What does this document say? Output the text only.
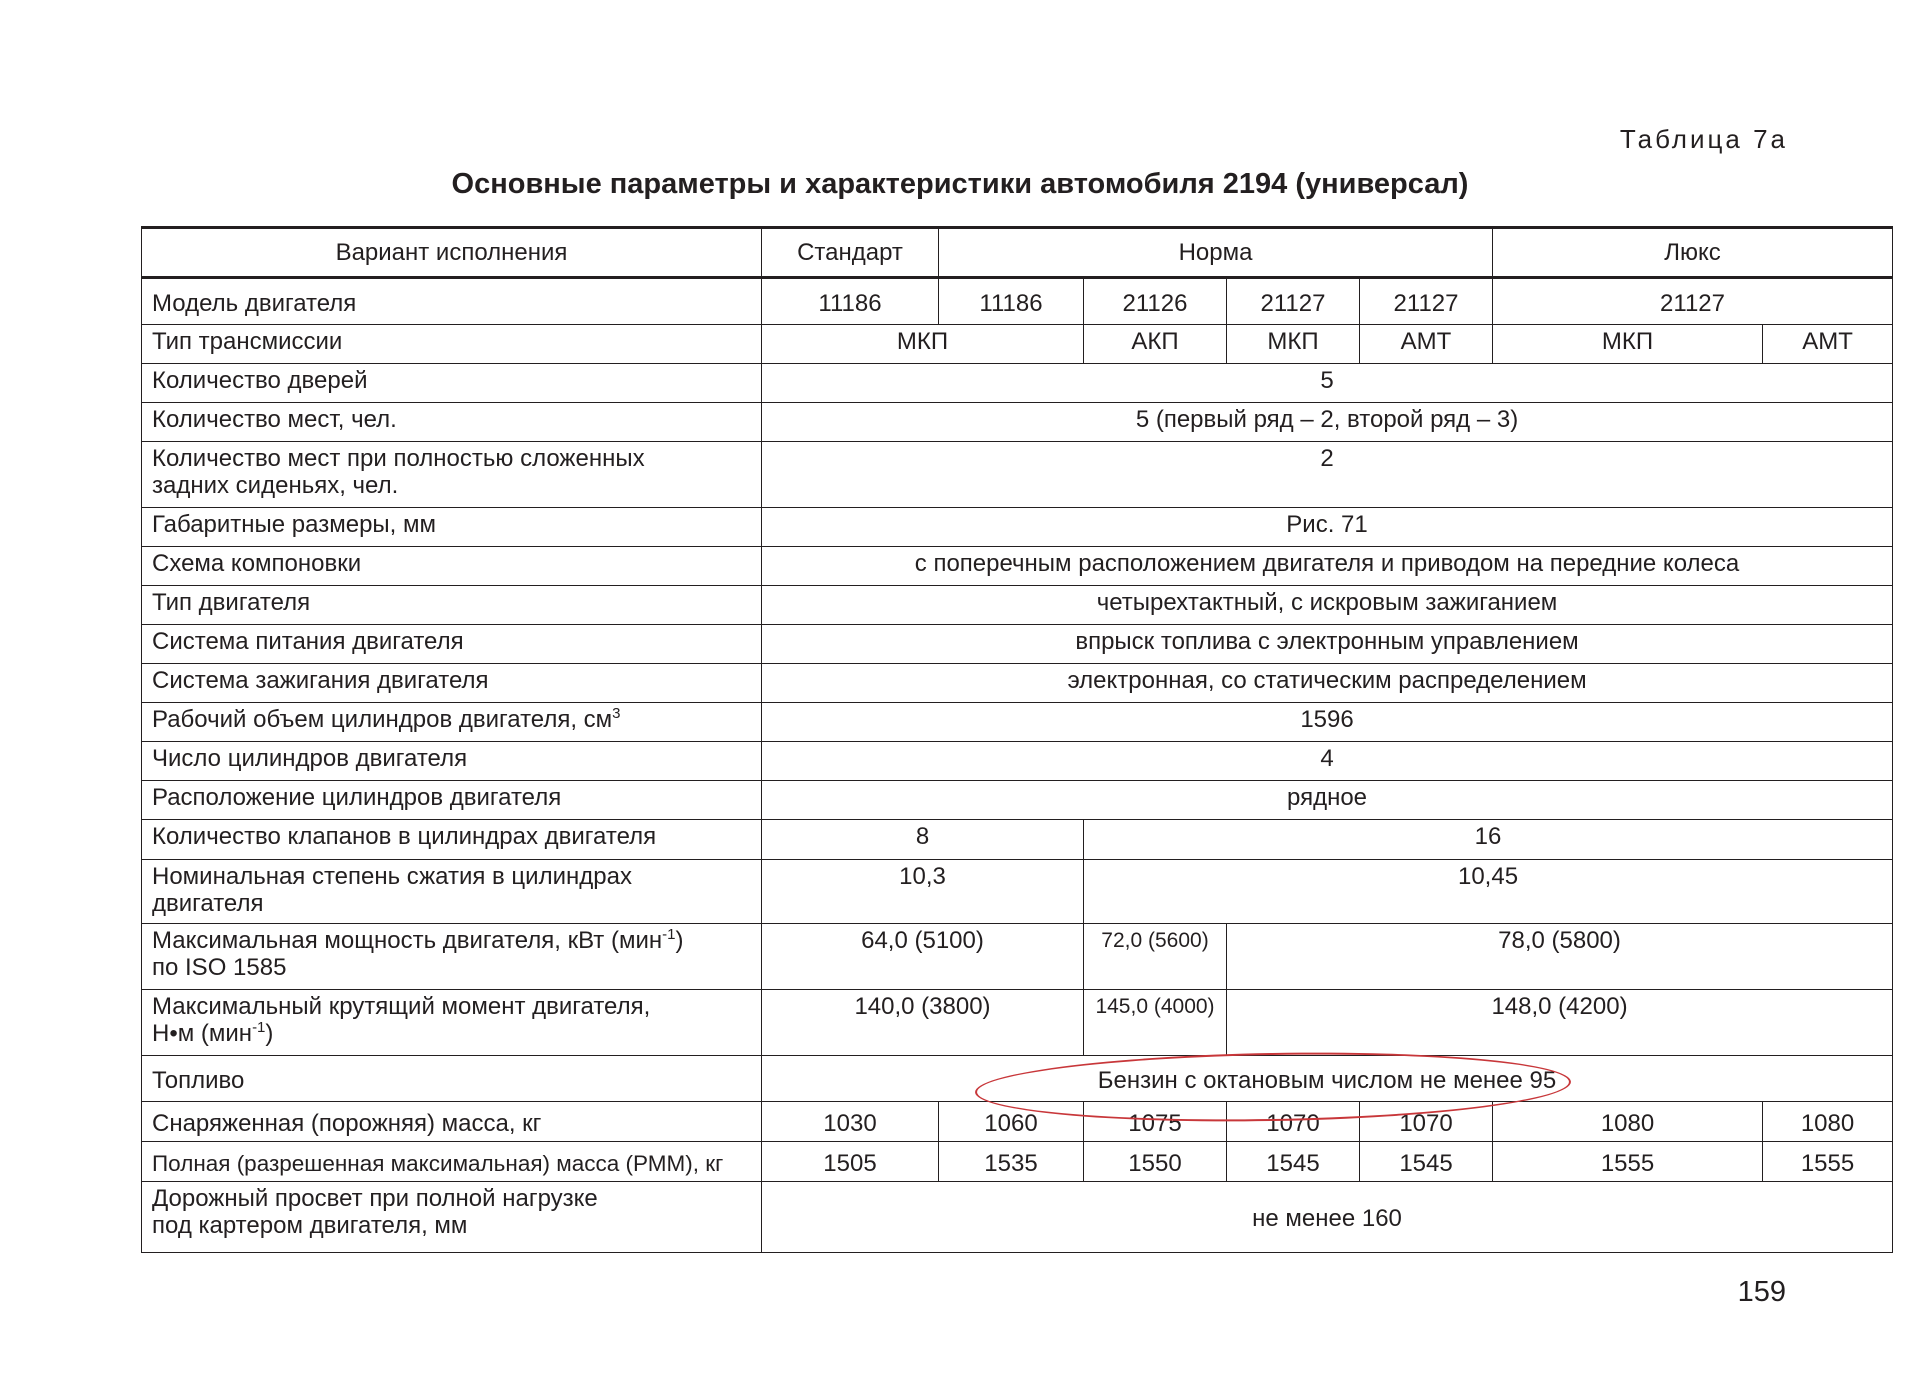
Таблица 7а
Основные параметры и характеристики автомобиля 2194 (универсал)
Вариант исполнения	Стандарт	Норма				Люкс	
Модель двигателя	11186	11186	21126	21127	21127	21127	
Тип трансмиссии	МКП		АКП	МКП	АМТ	МКП	АМТ
Количество дверей	5						
Количество мест, чел.	5 (первый ряд – 2, второй ряд – 3)						
Количество мест при полностью сложенных
задних сиденьях, чел.	2						
Габаритные размеры, мм	Рис. 71						
Схема компоновки	с поперечным расположением двигателя и приводом на передние колеса						
Тип двигателя	четырехтактный, с искровым зажиганием						
Система питания двигателя	впрыск топлива с электронным управлением						
Система зажигания двигателя	электронная, со статическим распределением						
Рабочий объем цилиндров двигателя, $см^3$	1596						
Число цилиндров двигателя	4						
Расположение цилиндров двигателя	рядное						
Количество клапанов в цилиндрах двигателя	8		16				
Номинальная степень сжатия в цилиндрах
двигателя	10,3		10,45				
Максимальная мощность двигателя, кВт (мин$^{-1}$)
по ISO 1585	64,0 (5100)		72,0 (5600)	78,0 (5800)			
Максимальный крутящий момент двигателя,
Н•м (мин$^{-1}$)	140,0 (3800)		145,0 (4000)	148,0 (4200)			
Топливо	Бензин с октановым числом не менее 95						
Снаряженная (порожняя) масса, кг	1030	1060	1075	1070	1070	1080	1080
Полная (разрешенная максимальная) масса (РММ), кг	1505	1535	1550	1545	1545	1555	1555
Дорожный просвет при полной нагрузке
под картером двигателя, мм	не менее 160						
159
